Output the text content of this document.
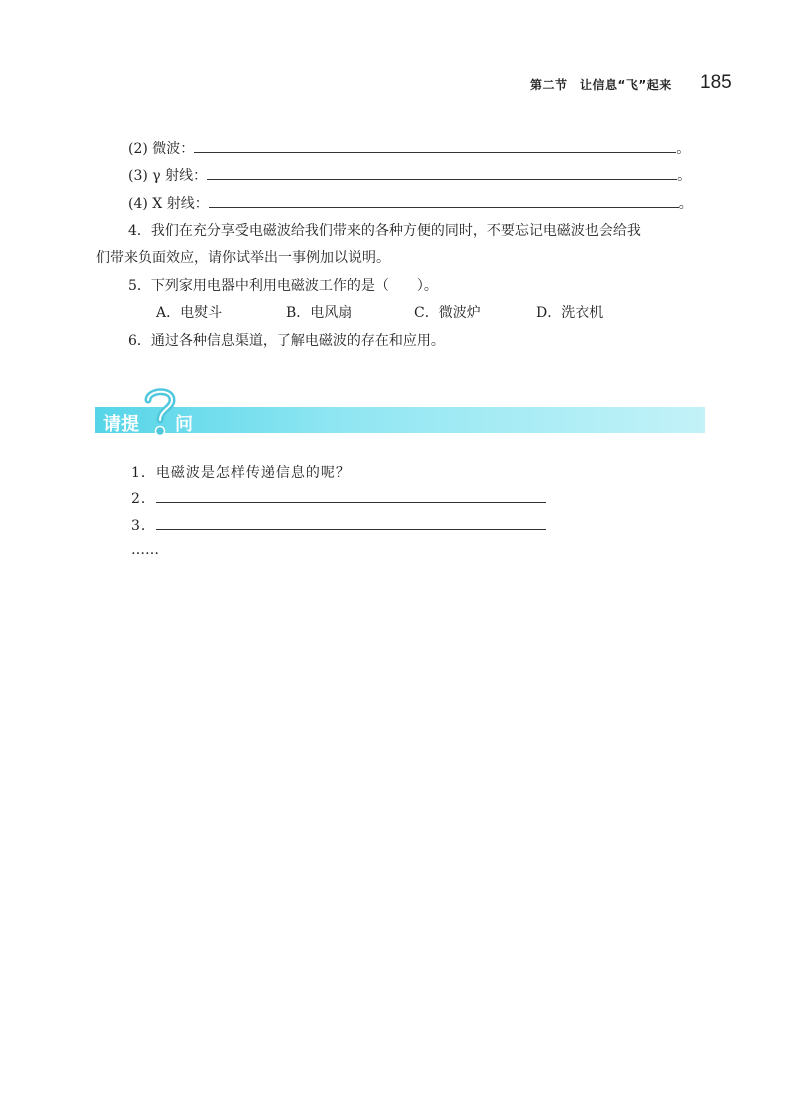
第二节　让信息“飞”起来 185
(2) 微波：	。
(3) γ 射线：	。
(4) X 射线：	。
4．我们在充分享受电磁波给我们带来的各种方便的同时，不要忘记电磁波也会给我
们带来负面效应，请你试举出一事例加以说明。
5．下列家用电器中利用电磁波工作的是（　　）。
A．电熨斗	B．电风扇	C．微波炉	D．洗衣机
6．通过各种信息渠道，了解电磁波的存在和应用。
请提 问
1．电磁波是怎样传递信息的呢？
2．
3．
……
